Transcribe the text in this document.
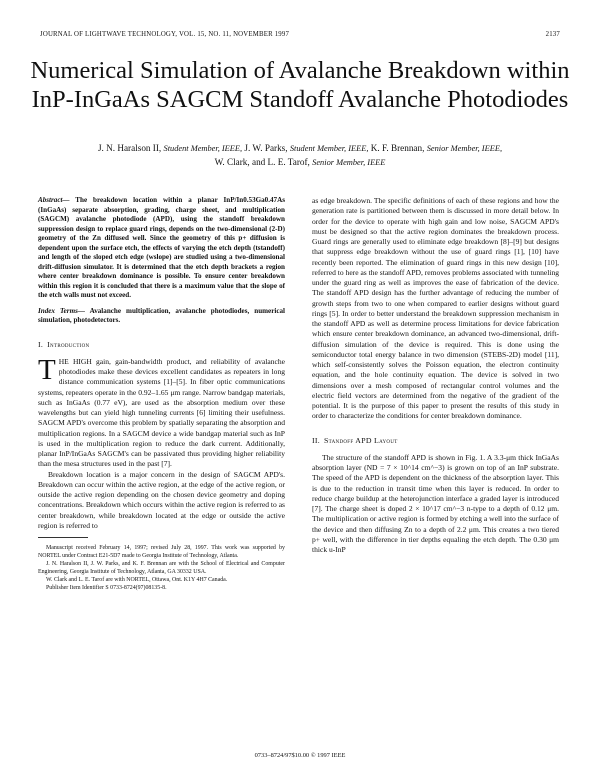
JOURNAL OF LIGHTWAVE TECHNOLOGY, VOL. 15, NO. 11, NOVEMBER 1997	2137
Numerical Simulation of Avalanche Breakdown within InP-InGaAs SAGCM Standoff Avalanche Photodiodes
J. N. Haralson II, Student Member, IEEE, J. W. Parks, Student Member, IEEE, K. F. Brennan, Senior Member, IEEE,
W. Clark, and L. E. Tarof, Senior Member, IEEE

Abstract— The breakdown location within a planar InP/In0.53Ga0.47As (InGaAs) separate absorption, grading, charge sheet, and multiplication (SAGCM) avalanche photodiode (APD), using the standoff breakdown suppression design to replace guard rings, depends on the two-dimensional (2-D) geometry of the Zn diffused well. Since the geometry of this p+ diffusion is dependent upon the surface etch, the effects of varying the etch depth (tstandoff) and length of the sloped etch edge (wslope) are studied using a two-dimensional drift-diffusion simulator. It is determined that the etch depth brackets a region where center breakdown dominance is possible. To ensure center breakdown within this region it is concluded that there is a maximum value that the slope of the etch walls must not exceed.

Index Terms— Avalanche multiplication, avalanche photodiodes, numerical simulation, photodetectors.

I. Introduction

THE HIGH gain, gain-bandwidth product, and reliability of avalanche photodiodes make these devices excellent candidates as repeaters in long distance communication systems [1]–[5]. In fiber optic communications systems, repeaters operate in the 0.92–1.65 μm range. Narrow bandgap materials, such as InGaAs (0.77 eV), are used as the absorption medium over these wavelengths but can yield high tunneling currents [6] limiting their usefulness. SAGCM APD's overcome this problem by spatially separating the absorption and multiplication regions. In a SAGCM device a wide bandgap material such as InP is used in the multiplication region to reduce the dark current. Additionally, planar InP/InGaAs SAGCM's can be passivated thus providing higher reliability than the mesa structures used in the past [7].

Breakdown location is a major concern in the design of SAGCM APD's. Breakdown can occur within the active region, at the edge of the active region, or outside the active region depending on the chosen device geometry and doping concentrations. Breakdown which occurs within the active region is referred to as center breakdown, while breakdown located at the edge or outside the active region is referred to

Manuscript received February 14, 1997; revised July 28, 1997. This work was supported by NORTEL under Contract E21-5D7 made to Georgia Institute of Technology, Atlanta.
J. N. Haralson II, J. W. Parks, and K. F. Brennan are with the School of Electrical and Computer Engineering, Georgia Institute of Technology, Atlanta, GA 30332 USA.
W. Clark and L. E. Tarof are with NORTEL, Ottawa, Ont. K1Y 4H7 Canada.
Publisher Item Identifier S 0733-8724(97)08135-8.

as edge breakdown. The specific definitions of each of these regions and how the generation rate is partitioned between them is discussed in more detail below. In order for the device to operate with high gain and low noise, SAGCM APD's must be designed so that the active region dominates the breakdown process. Guard rings are generally used to eliminate edge breakdown [8]–[9] but designs that suppress edge breakdown without the use of guard rings [1], [10] have recently been reported. The elimination of guard rings in this new design [10], referred to here as the standoff APD, removes problems associated with tunneling under the guard ring as well as improves the ease of fabrication of the device. The standoff APD design has the further advantage of reducing the number of growth steps from two to one when compared to earlier designs without guard rings [5]. In order to better understand the breakdown suppression mechanism in the standoff APD as well as determine process limitations for device fabrication which ensure center breakdown dominance, an advanced two-dimensional, drift-diffusion simulation of the device is required. This is done using the semiconductor total energy balance in two dimension (STEBS-2D) model [11], which self-consistently solves the Poisson equation, the electron continuity equation, and the hole continuity equation. The device is solved in two dimensions over a mesh composed of rectangular control volumes and the electric field vectors are determined from the negative of the gradient of the potential. It is the purpose of this paper to present the results of this study in order to characterize the conditions for center breakdown dominance.

II. Standoff APD Layout

The structure of the standoff APD is shown in Fig. 1. A 3.3-μm thick InGaAs absorption layer (ND = 7 × 10^14 cm^−3) is grown on top of an InP substrate. The speed of the APD is dependent on the thickness of the absorption layer. This is due to the reduction in transit time when this layer is reduced. In order to reduce charge buildup at the heterojunction interface a graded layer is introduced [7]. The charge sheet is doped 2 × 10^17 cm^−3 n-type to a depth of 0.12 μm. The multiplication or active region is formed by etching a well into the surface of the device and then diffusing Zn to a depth of 2.2 μm. This creates a two tiered p+ well, with the difference in tier depths equaling the etch depth. The 0.30 μm thick u-InP

0733–8724/97$10.00 © 1997 IEEE
